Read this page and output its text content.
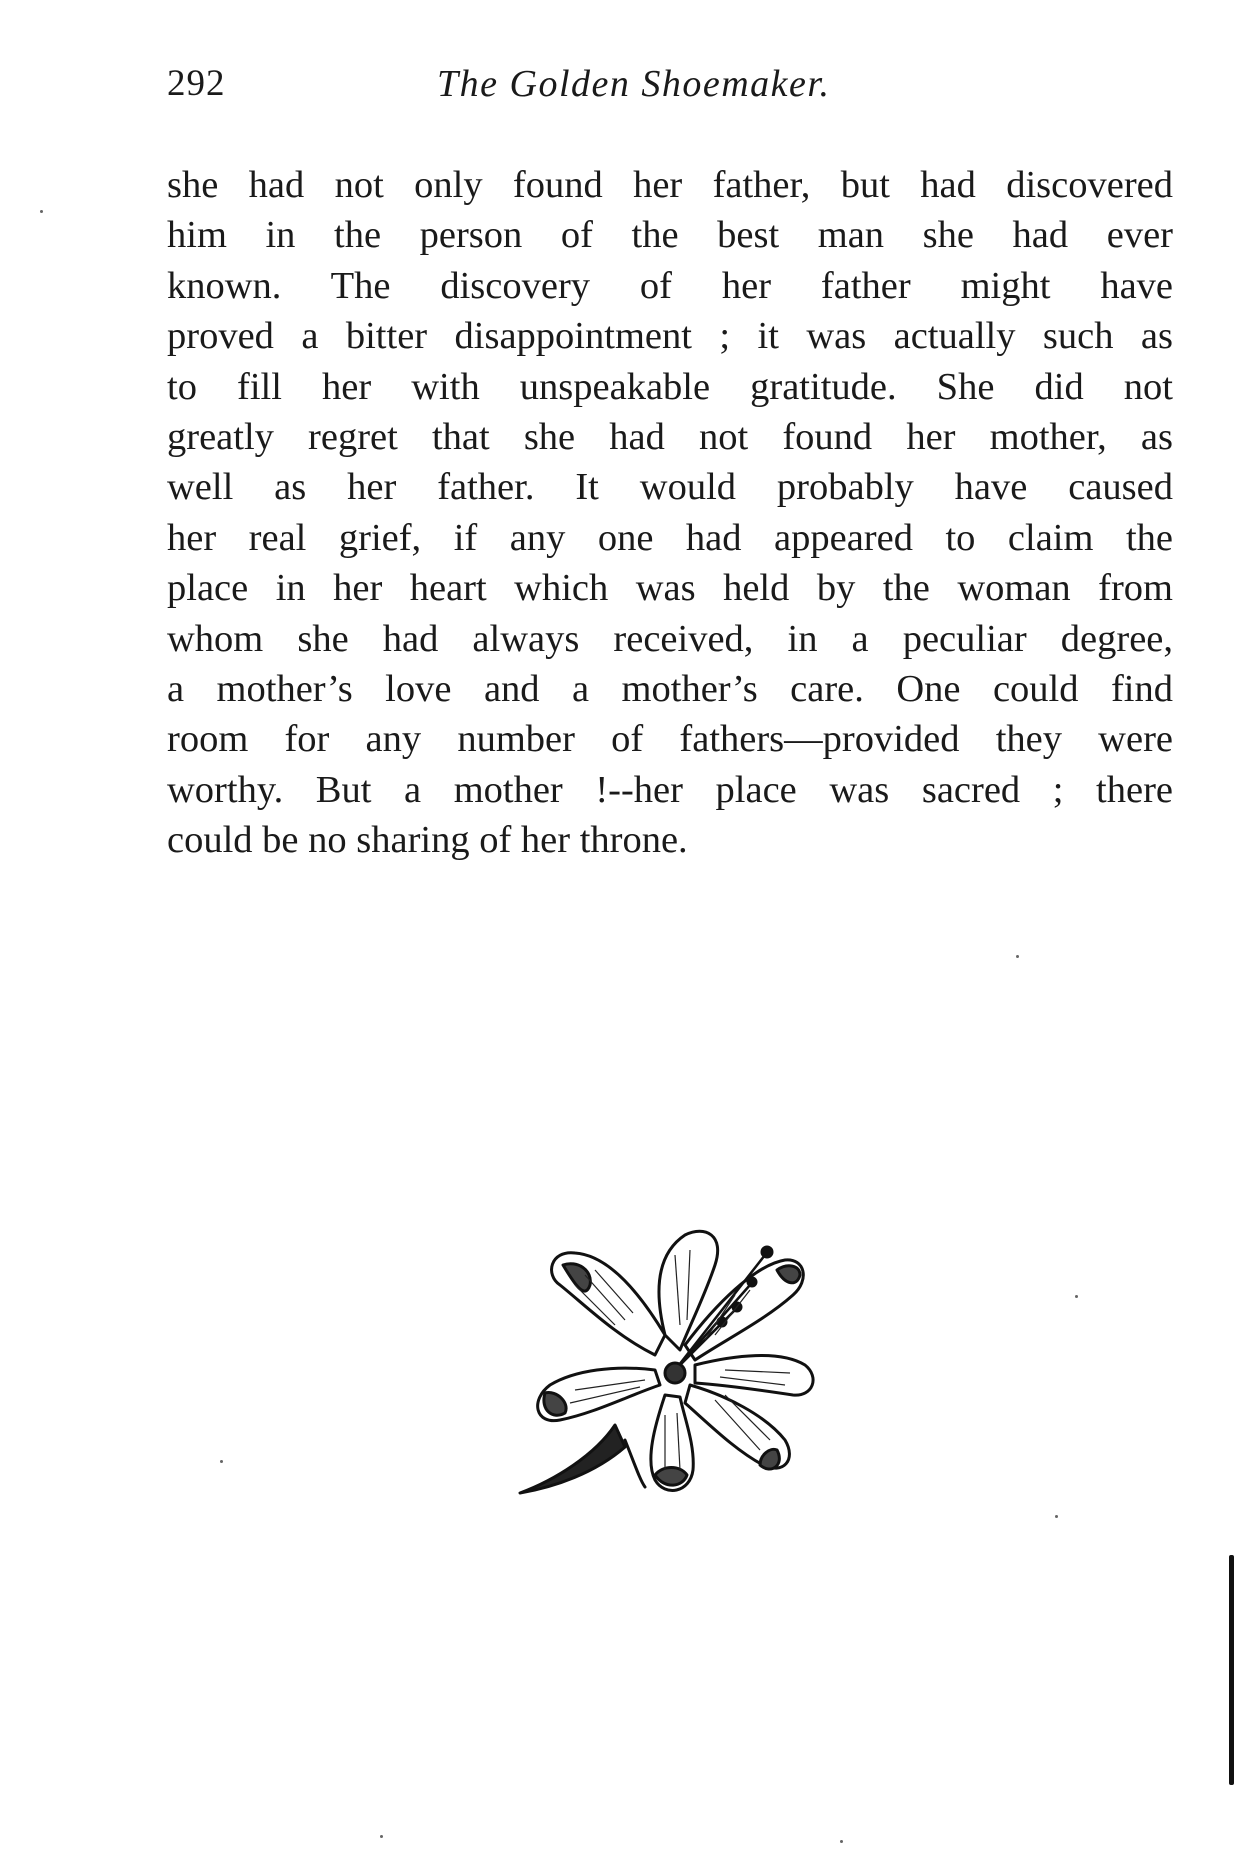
292	The Golden Shoemaker.
she had not only found her father, but had discovered
him in the person of the best man she had ever
known. The discovery of her father might have
proved a bitter disappointment ; it was actually such as
to fill her with unspeakable gratitude. She did not
greatly regret that she had not found her mother, as
well as her father. It would probably have caused
her real grief, if any one had appeared to claim the
place in her heart which was held by the woman from
whom she had always received, in a peculiar degree,
a mother’s love and a mother’s care. One could find
room for any number of fathers—provided they were
worthy. But a mother !--her place was sacred ; there
could be no sharing of her throne.
